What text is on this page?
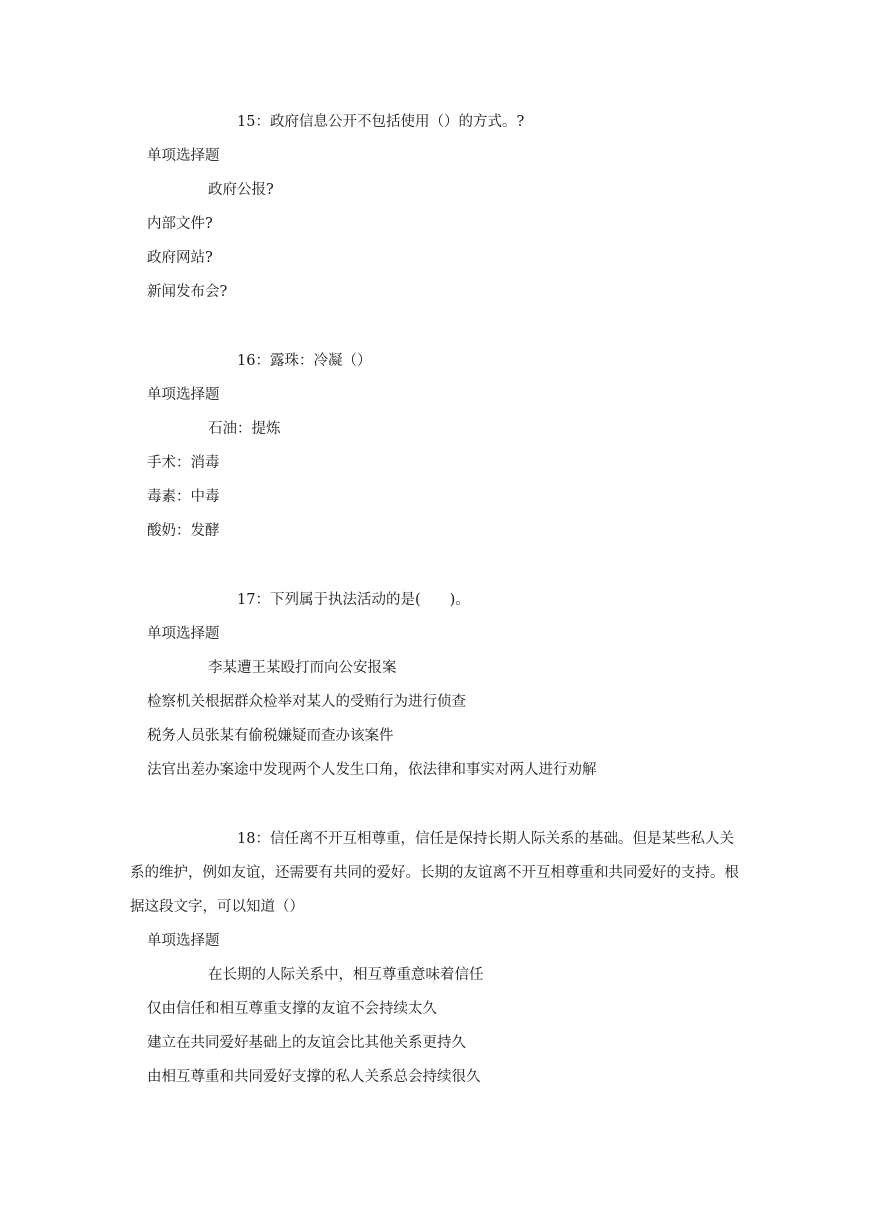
15：政府信息公开不包括使用（）的方式。?
单项选择题
政府公报?
内部文件?
政府网站?
新闻发布会?
16：露珠：冷凝（）
单项选择题
石油：提炼
手术：消毒
毒素：中毒
酸奶：发酵
17：下列属于执法活动的是(　　)。
单项选择题
李某遭王某殴打而向公安报案
检察机关根据群众检举对某人的受贿行为进行侦查
税务人员张某有偷税嫌疑而查办该案件
法官出差办案途中发现两个人发生口角，依法律和事实对两人进行劝解

18：信任离不开互相尊重，信任是保持长期人际关系的基础。但是某些私人关系的维护，例如友谊，还需要有共同的爱好。长期的友谊离不开互相尊重和共同爱好的支持。根据这段文字，可以知道（）

单项选择题
在长期的人际关系中，相互尊重意味着信任
仅由信任和相互尊重支撑的友谊不会持续太久
建立在共同爱好基础上的友谊会比其他关系更持久
由相互尊重和共同爱好支撑的私人关系总会持续很久
